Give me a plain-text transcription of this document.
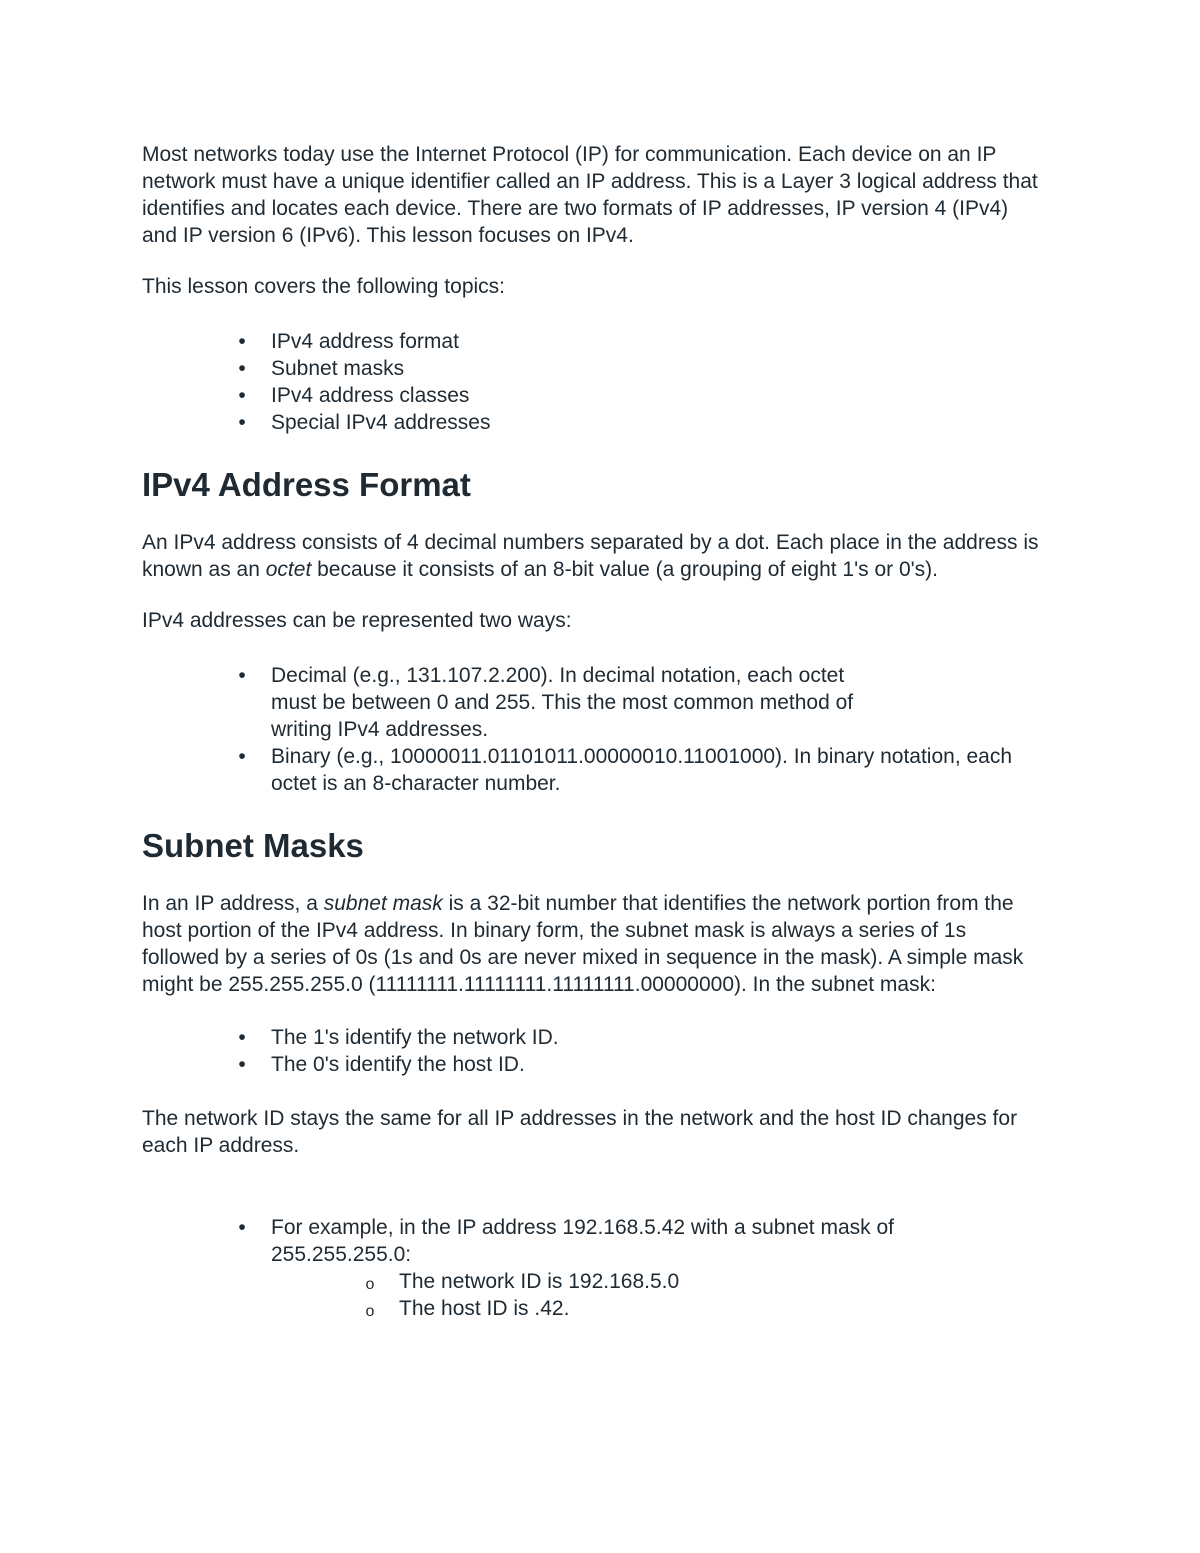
Most networks today use the Internet Protocol (IP) for communication. Each device on an IP network must have a unique identifier called an IP address. This is a Layer 3 logical address that identifies and locates each device. There are two formats of IP addresses, IP version 4 (IPv4) and IP version 6 (IPv6). This lesson focuses on IPv4.

This lesson covers the following topics:

•	IPv4 address format
•	Subnet masks
•	IPv4 address classes
•	Special IPv4 addresses
IPv4 Address Format

An IPv4 address consists of 4 decimal numbers separated by a dot. Each place in the address is known as an octet because it consists of an 8-bit value (a grouping of eight 1's or 0's).

IPv4 addresses can be represented two ways:

•	Decimal (e.g., 131.107.2.200). In decimal notation, each octet must be between 0 and 255. This the most common method of writing IPv4 addresses.
•	Binary (e.g., 10000011.01101011.00000010.11001000). In binary notation, each octet is an 8-character number.
Subnet Masks

In an IP address, a subnet mask is a 32-bit number that identifies the network portion from the host portion of the IPv4 address. In binary form, the subnet mask is always a series of 1s followed by a series of 0s (1s and 0s are never mixed in sequence in the mask). A simple mask might be 255.255.255.0 (11111111.11111111.11111111.00000000). In the subnet mask:

•	The 1's identify the network ID.
•	The 0's identify the host ID.

The network ID stays the same for all IP addresses in the network and the host ID changes for each IP address.

•	For example, in the IP address 192.168.5.42 with a subnet mask of 255.255.255.0:
o The network ID is 192.168.5.0
o The host ID is .42.
